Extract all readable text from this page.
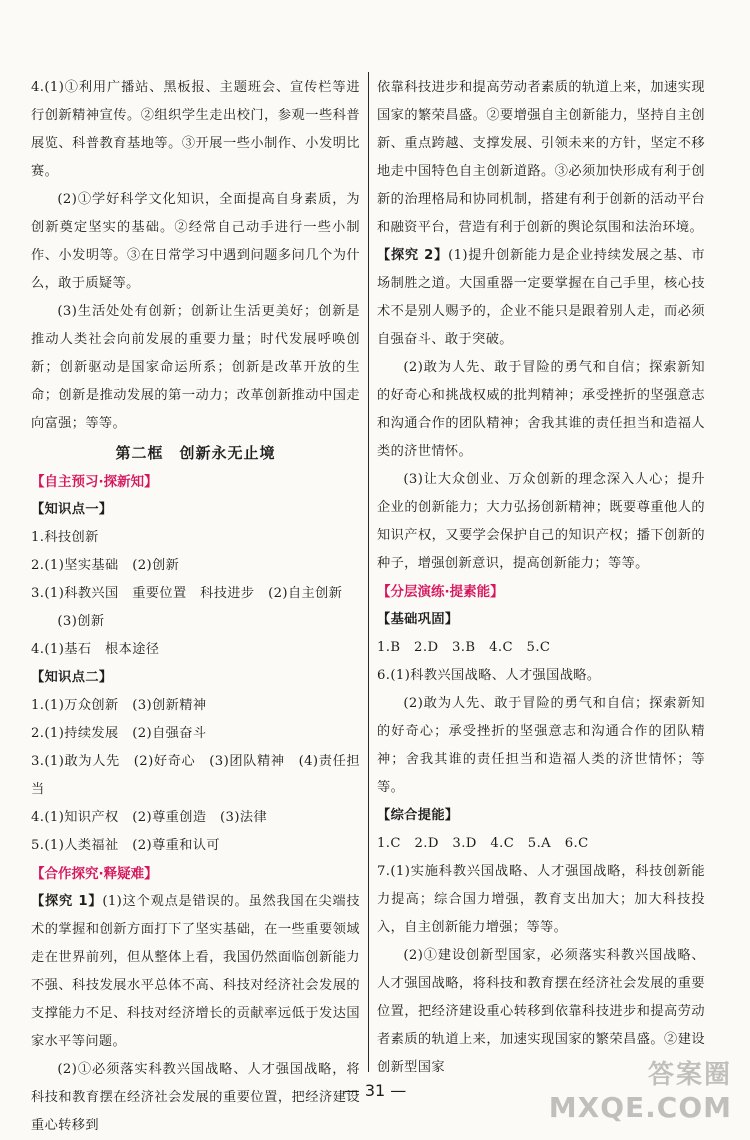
4.(1)①利用广播站、黑板报、主题班会、宣传栏等进行创新精神宣传。②组织学生走出校门，参观一些科普展览、科普教育基地等。③开展一些小制作、小发明比赛。

(2)①学好科学文化知识，全面提高自身素质，为创新奠定坚实的基础。②经常自己动手进行一些小制作、小发明等。③在日常学习中遇到问题多问几个为什么，敢于质疑等。

(3)生活处处有创新；创新让生活更美好；创新是推动人类社会向前发展的重要力量；时代发展呼唤创新；创新驱动是国家命运所系；创新是改革开放的生命；创新是推动发展的第一动力；改革创新推动中国走向富强；等等。

第二框　创新永无止境

【自主预习·探新知】
【知识点一】

1.科技创新

2.(1)坚实基础　(2)创新

3.(1)科教兴国　重要位置　科技进步　(2)自主创新

(3)创新

4.(1)基石　根本途径

【知识点二】

1.(1)万众创新　(3)创新精神

2.(1)持续发展　(2)自强奋斗

3.(1)敢为人先　(2)好奇心　(3)团队精神　(4)责任担当

4.(1)知识产权　(2)尊重创造　(3)法律

5.(1)人类福祉　(2)尊重和认可

【合作探究·释疑难】

【探究 1】(1)这个观点是错误的。虽然我国在尖端技术的掌握和创新方面打下了坚实基础，在一些重要领域走在世界前列，但从整体上看，我国仍然面临创新能力不强、科技发展水平总体不高、科技对经济社会发展的支撑能力不足、科技对经济增长的贡献率远低于发达国家水平等问题。

(2)①必须落实科教兴国战略、人才强国战略，将科技和教育摆在经济社会发展的重要位置，把经济建设重心转移到

依靠科技进步和提高劳动者素质的轨道上来，加速实现国家的繁荣昌盛。②要增强自主创新能力，坚持自主创新、重点跨越、支撑发展、引领未来的方针，坚定不移地走中国特色自主创新道路。③必须加快形成有利于创新的治理格局和协同机制，搭建有利于创新的活动平台和融资平台，营造有利于创新的舆论氛围和法治环境。

【探究 2】(1)提升创新能力是企业持续发展之基、市场制胜之道。大国重器一定要掌握在自己手里，核心技术不是别人赐予的，企业不能只是跟着别人走，而必须自强奋斗、敢于突破。

(2)敢为人先、敢于冒险的勇气和自信；探索新知的好奇心和挑战权威的批判精神；承受挫折的坚强意志和沟通合作的团队精神；舍我其谁的责任担当和造福人类的济世情怀。

(3)让大众创业、万众创新的理念深入人心；提升企业的创新能力；大力弘扬创新精神；既要尊重他人的知识产权，又要学会保护自己的知识产权；播下创新的种子，增强创新意识，提高创新能力；等等。

【分层演练·提素能】
【基础巩固】

1.B　2.D　3.B　4.C　5.C

6.(1)科教兴国战略、人才强国战略。

(2)敢为人先、敢于冒险的勇气和自信；探索新知的好奇心；承受挫折的坚强意志和沟通合作的团队精神；舍我其谁的责任担当和造福人类的济世情怀；等等。

【综合提能】

1.C　2.D　3.D　4.C　5.A　6.C

7.(1)实施科教兴国战略、人才强国战略，科技创新能力提高；综合国力增强，教育支出加大；加大科技投入，自主创新能力增强；等等。

(2)①建设创新型国家，必须落实科教兴国战略、人才强国战略，将科技和教育摆在经济社会发展的重要位置，把经济建设重心转移到依靠科技进步和提高劳动者素质的轨道上来，加速实现国家的繁荣昌盛。②建设创新型国家

— 31 —
答案圈
MXQE.COM
